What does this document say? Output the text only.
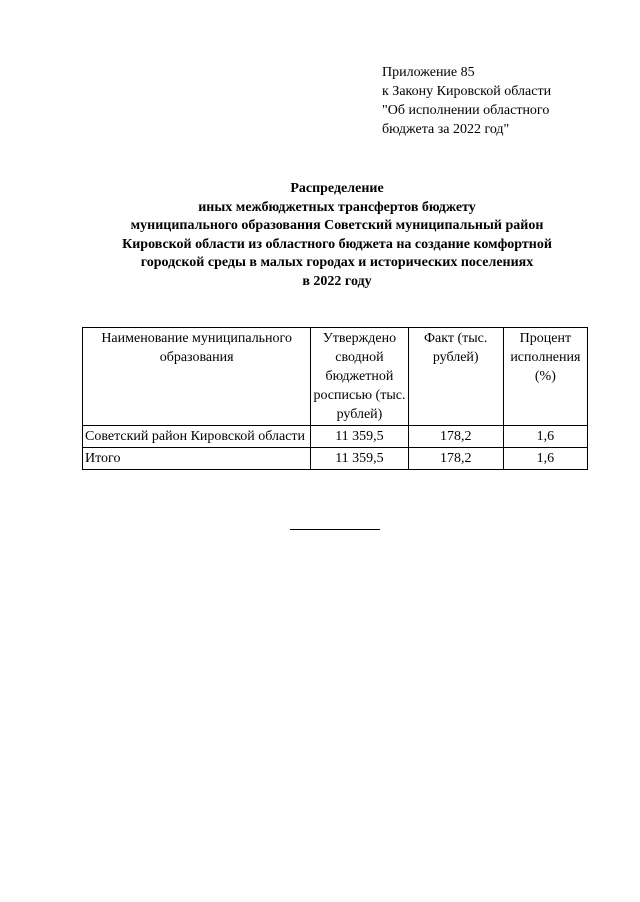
Приложение 85
к Закону Кировской области
"Об исполнении областного
бюджета за 2022 год"
Распределение
иных межбюджетных трансфертов бюджету
муниципального образования Советский муниципальный район
Кировской области из областного бюджета на создание комфортной
городской среды в малых городах и исторических поселениях
в 2022 году
Наименование муниципального образования	Утверждено сводной бюджетной росписью (тыс. рублей)	Факт (тыс. рублей)	Процент исполнения (%)
Советский район Кировской области	11 359,5	178,2	1,6
Итого	11 359,5	178,2	1,6
